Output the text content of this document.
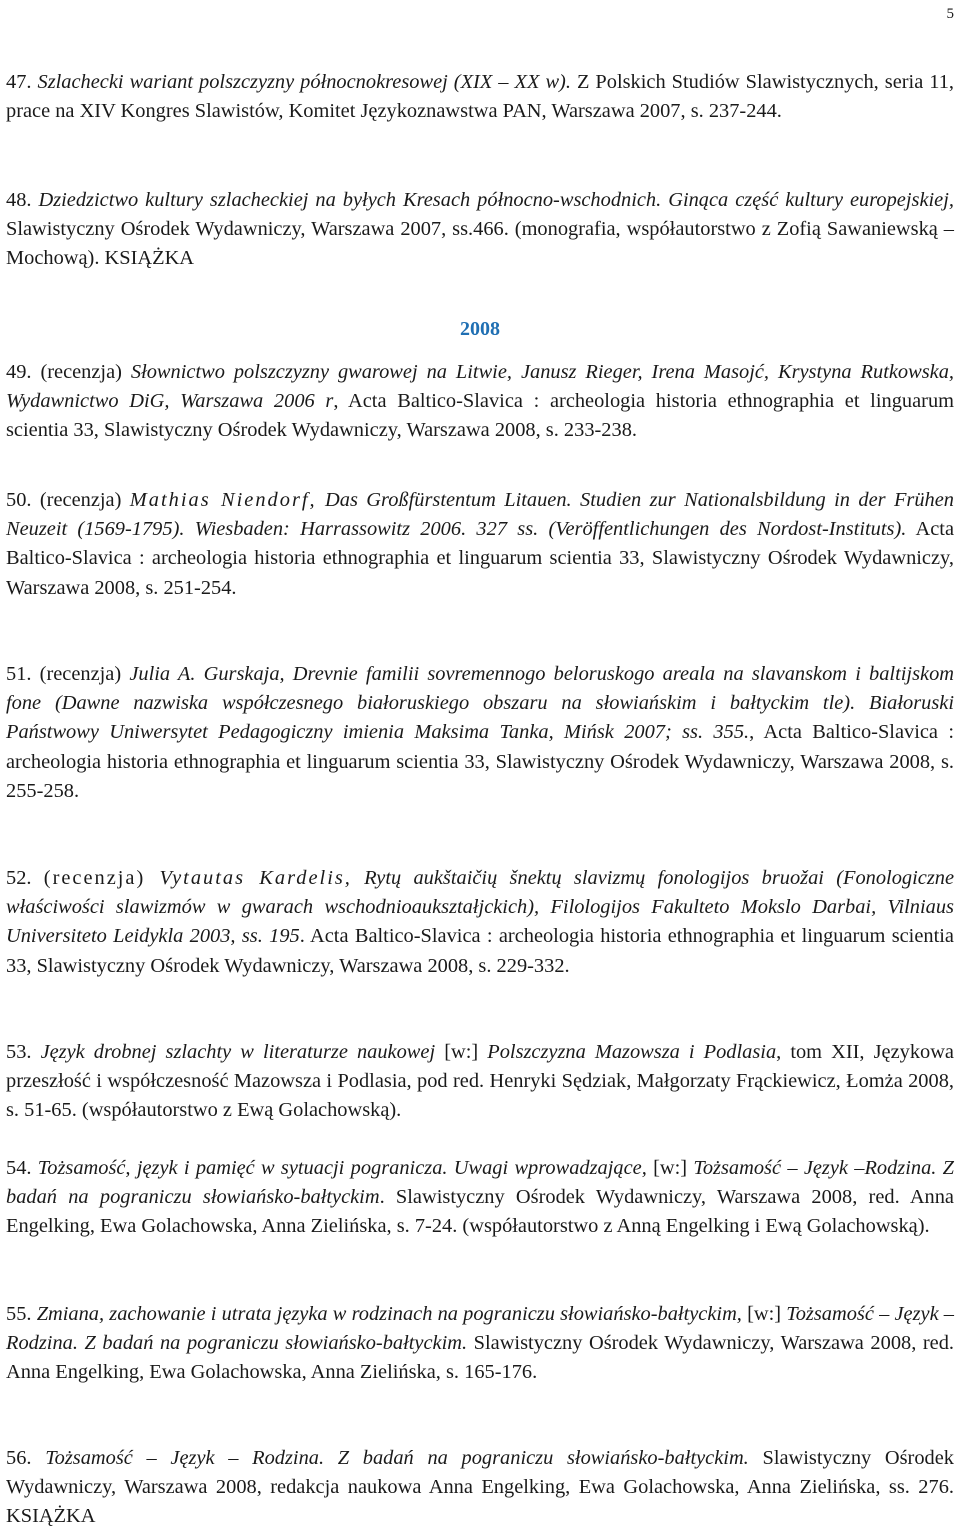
5

47. Szlachecki wariant polszczyzny północnokresowej (XIX – XX w). Z Polskich Studiów Slawistycznych, seria 11, prace na XIV Kongres Slawistów, Komitet Językoznawstwa PAN, Warszawa 2007, s. 237-244.

48. Dziedzictwo kultury szlacheckiej na byłych Kresach północno-wschodnich. Ginąca część kultury europejskiej, Slawistyczny Ośrodek Wydawniczy, Warszawa 2007, ss.466. (monografia, współautorstwo z Zofią Sawaniewską – Mochową). KSIĄŻKA

2008

49. (recenzja) Słownictwo polszczyzny gwarowej na Litwie, Janusz Rieger, Irena Masojć, Krystyna Rutkowska, Wydawnictwo DiG, Warszawa 2006 r, Acta Baltico-Slavica : archeologia historia ethnographia et linguarum scientia 33, Slawistyczny Ośrodek Wydawniczy, Warszawa 2008, s. 233-238.

50. (recenzja) Mathias Niendorf, Das Großfürstentum Litauen. Studien zur Nationalsbildung in der Frühen Neuzeit (1569-1795). Wiesbaden: Harrassowitz 2006. 327 ss. (Veröffentlichungen des Nordost-Instituts). Acta Baltico-Slavica : archeologia historia ethnographia et linguarum scientia 33, Slawistyczny Ośrodek Wydawniczy, Warszawa 2008, s. 251-254.

51. (recenzja) Julia A. Gurskaja, Drevnie familii sovremennogo beloruskogo areala na slavanskom i baltijskom fone (Dawne nazwiska współczesnego białoruskiego obszaru na słowiańskim i bałtyckim tle). Białoruski Państwowy Uniwersytet Pedagogiczny imienia Maksima Tanka, Mińsk 2007; ss. 355., Acta Baltico-Slavica : archeologia historia ethnographia et linguarum scientia 33, Slawistyczny Ośrodek Wydawniczy, Warszawa 2008, s. 255-258.

52. (recenzja) Vytautas Kardelis, Rytų aukštaičių šnektų slavizmų fonologijos bruožai (Fonologiczne właściwości slawizmów w gwarach wschodnioaukształjckich), Filologijos Fakulteto Mokslo Darbai, Vilniaus Universiteto Leidykla 2003, ss. 195. Acta Baltico-Slavica : archeologia historia ethnographia et linguarum scientia 33, Slawistyczny Ośrodek Wydawniczy, Warszawa 2008, s. 229-332.

53. Język drobnej szlachty w literaturze naukowej [w:] Polszczyzna Mazowsza i Podlasia, tom XII, Językowa przeszłość i współczesność Mazowsza i Podlasia, pod red. Henryki Sędziak, Małgorzaty Frąckiewicz, Łomża 2008, s. 51-65. (współautorstwo z Ewą Golachowską).

54. Tożsamość, język i pamięć w sytuacji pogranicza. Uwagi wprowadzające, [w:] Tożsamość – Język –Rodzina. Z badań na pograniczu słowiańsko-bałtyckim. Slawistyczny Ośrodek Wydawniczy, Warszawa 2008, red. Anna Engelking, Ewa Golachowska, Anna Zielińska, s. 7-24. (współautorstwo z Anną Engelking i Ewą Golachowską).

55. Zmiana, zachowanie i utrata języka w rodzinach na pograniczu słowiańsko-bałtyckim, [w:] Tożsamość – Język –Rodzina. Z badań na pograniczu słowiańsko-bałtyckim. Slawistyczny Ośrodek Wydawniczy, Warszawa 2008, red. Anna Engelking, Ewa Golachowska, Anna Zielińska, s. 165-176.

56. Tożsamość – Język – Rodzina. Z badań na pograniczu słowiańsko-bałtyckim. Slawistyczny Ośrodek Wydawniczy, Warszawa 2008, redakcja naukowa Anna Engelking, Ewa Golachowska, Anna Zielińska, ss. 276. KSIĄŻKA
